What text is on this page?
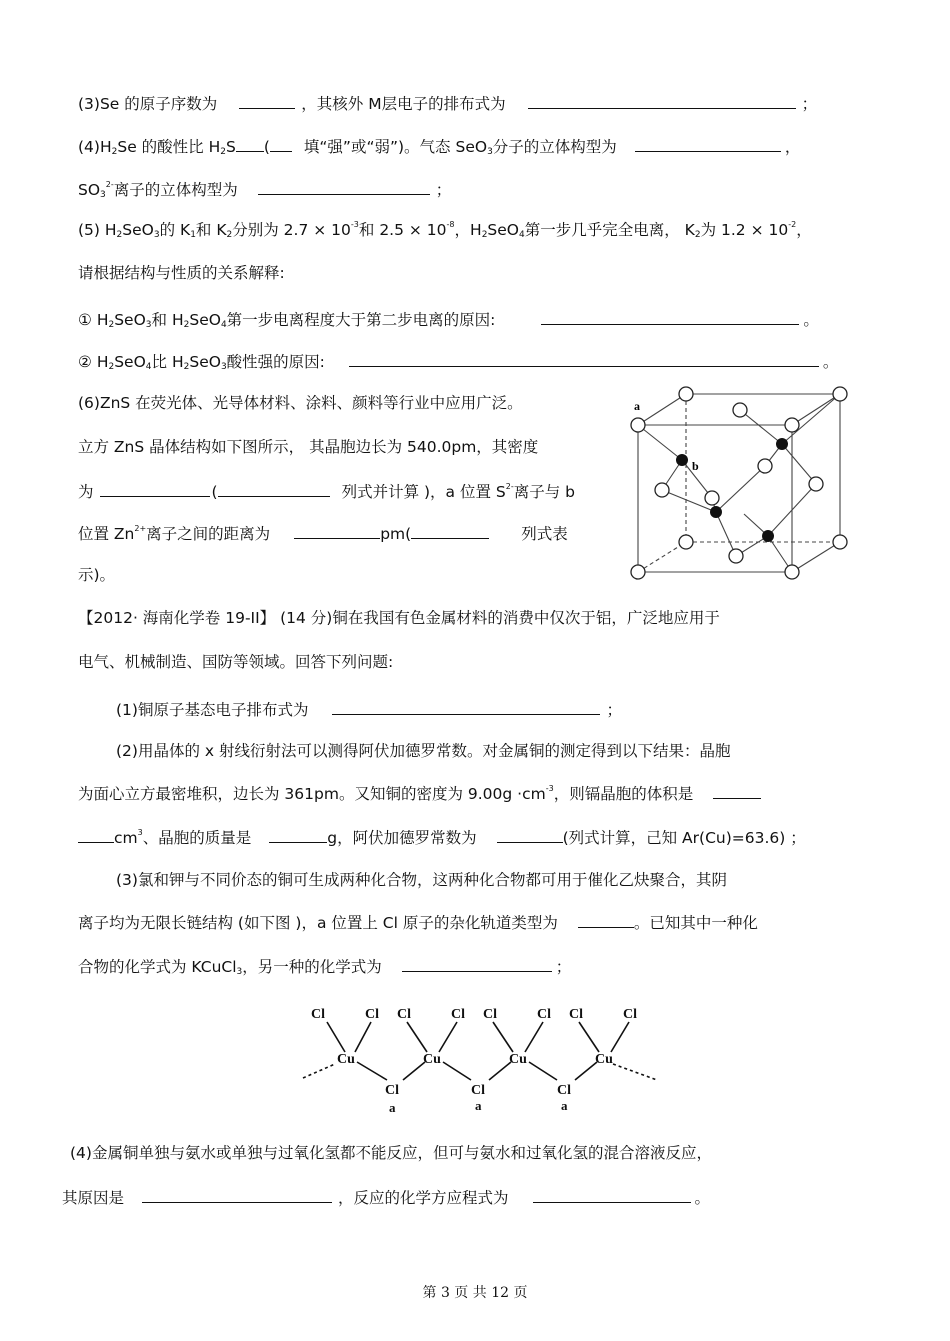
(3)Se 的原子序数为	，其核外 M层电子的排布式为	；
$(4)H_2Se$ 的酸性比 $H_2S$ ( 填“强”或“弱”)。气态 SeO$_3$分子的立体构型为	，
$SO_3^{2-}$离子的立体构型为	；
(5) $H_2SeO_3$的 $K_1$和 $K_2$分别为 $2.7 \times 10^{-3}$和 $2.5 \times 10^{-8}$，$H_2SeO_4$第一步几乎完全电离， $K_2$为 $1.2 \times 10^{-2}$，
请根据结构与性质的关系解释:
① $H_2SeO_3$和 $H_2SeO_4$第一步电离程度大于第二步电离的原因:	。
② $H_2SeO_4$比 $H_2SeO_3$酸性强的原因:	。
(6)ZnS 在荧光体、光导体材料、涂料、颜料等行业中应用广泛。
立方 ZnS 晶体结构如下图所示， 其晶胞边长为 540.0pm，其密度
为	(	列式并计算 )，a 位置 $S^{2-}$离子与 b
位置 $Zn^{2+}$离子之间的距离为	pm(	列式表
示)。
a
b
【2012· 海南化学卷 19-II】 (14 分)铜在我国有色金属材料的消费中仅次于铝，广泛地应用于
电气、机械制造、国防等领域。回答下列问题:
(1)铜原子基态电子排布式为	；
(2)用晶体的 x 射线衍射法可以测得阿伏加德罗常数。对金属铜的测定得到以下结果：晶胞
为面心立方最密堆积，边长为 361pm。又知铜的密度为 $9.00g \cdot cm^{-3}$，则镉晶胞的体积是
$cm^3$、晶胞的质量是	g，阿伏加德罗常数为	(列式计算，己知 Ar(Cu)=63.6) ；
(3)氯和钾与不同价态的铜可生成两种化合物，这两种化合物都可用于催化乙炔聚合，其阴
离子均为无限长链结构 (如下图 )，a 位置上 Cl 原子的杂化轨道类型为	。已知其中一种化
合物的化学式为 KCuCl$_3$，另一种的化学式为	；
Cl	Cl Cl	Cl Cl	Cl Cl	Cl
Cu	Cu	Cu	Cu
Cl	Cl	Cl
a	a	a
(4)金属铜单独与氨水或单独与过氧化氢都不能反应，但可与氨水和过氧化氢的混合溶液反应，
其原因是	，反应的化学方应程式为	。
第 3 页 共 12 页
